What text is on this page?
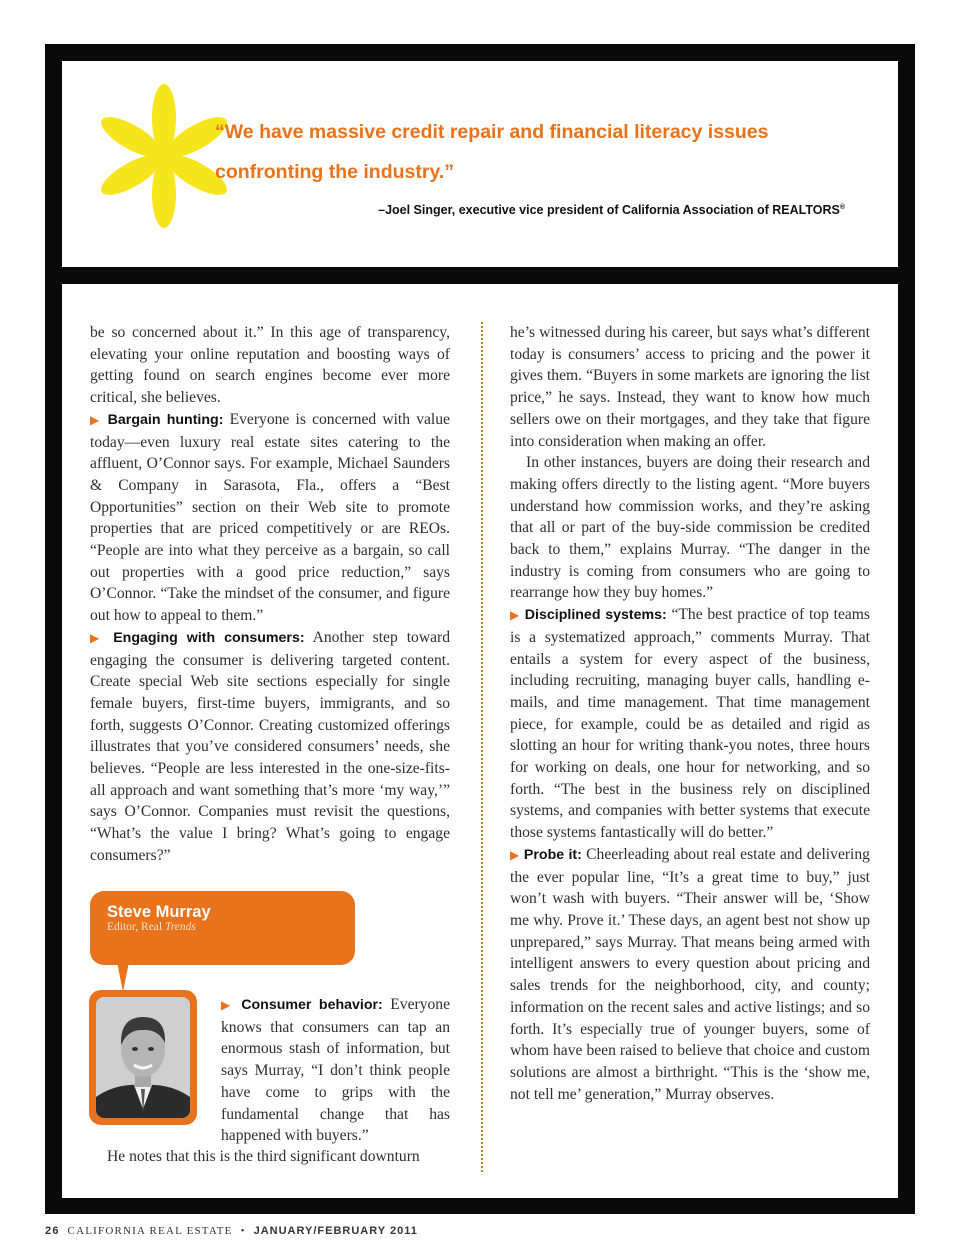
“We have massive credit repair and financial literacy issues confronting the industry.”

–Joel Singer, executive vice president of California Association of REALTORS®

be so concerned about it.” In this age of transparency, elevating your online reputation and boosting ways of getting found on search engines become ever more critical, she believes.

▶ Bargain hunting: Everyone is concerned with value today—even luxury real estate sites catering to the affluent, O’Connor says. For example, Michael Saunders & Company in Sarasota, Fla., offers a “Best Opportunities” section on their Web site to promote properties that are priced competitively or are REOs. “People are into what they perceive as a bargain, so call out properties with a good price reduction,” says O’Connor. “Take the mindset of the consumer, and figure out how to appeal to them.”

▶ Engaging with consumers: Another step toward engaging the consumer is delivering targeted content. Create special Web site sections especially for single female buyers, first-time buyers, immigrants, and so forth, suggests O’Connor. Creating customized offerings illustrates that you’ve considered consumers’ needs, she believes. “People are less interested in the one-size-fits-all approach and want something that’s more ‘my way,’” says O’Connor. Companies must revisit the questions, “What’s the value I bring? What’s going to engage consumers?”

Steve Murray

Editor, Real Trends

▶ Consumer behavior: Everyone knows that consumers can tap an enormous stash of information, but says Murray, “I don’t think people have come to grips with the fundamental change that has happened with buyers.”

He notes that this is the third significant downturn

he’s witnessed during his career, but says what’s different today is consumers’ access to pricing and the power it gives them. “Buyers in some markets are ignoring the list price,” he says. Instead, they want to know how much sellers owe on their mortgages, and they take that figure into consideration when making an offer.

In other instances, buyers are doing their research and making offers directly to the listing agent. “More buyers understand how commission works, and they’re asking that all or part of the buy-side commission be credited back to them,” explains Murray. “The danger in the industry is coming from consumers who are going to rearrange how they buy homes.”

▶ Disciplined systems: “The best practice of top teams is a systematized approach,” comments Murray. That entails a system for every aspect of the business, including recruiting, managing buyer calls, handling e-mails, and time management. That time management piece, for example, could be as detailed and rigid as slotting an hour for writing thank-you notes, three hours for working on deals, one hour for networking, and so forth. “The best in the business rely on disciplined systems, and companies with better systems that execute those systems fantastically will do better.”

▶ Probe it: Cheerleading about real estate and delivering the ever popular line, “It’s a great time to buy,” just won’t wash with buyers. “Their answer will be, ‘Show me why. Prove it.’ These days, an agent best not show up unprepared,” says Murray. That means being armed with intelligent answers to every question about pricing and sales trends for the neighborhood, city, and county; information on the recent sales and active listings; and so forth. It’s especially true of younger buyers, some of whom have been raised to believe that choice and custom solutions are almost a birthright. “This is the ‘show me, not tell me’ generation,” Murray observes.

26 CALIFORNIA REAL ESTATE • JANUARY/FEBRUARY 2011
